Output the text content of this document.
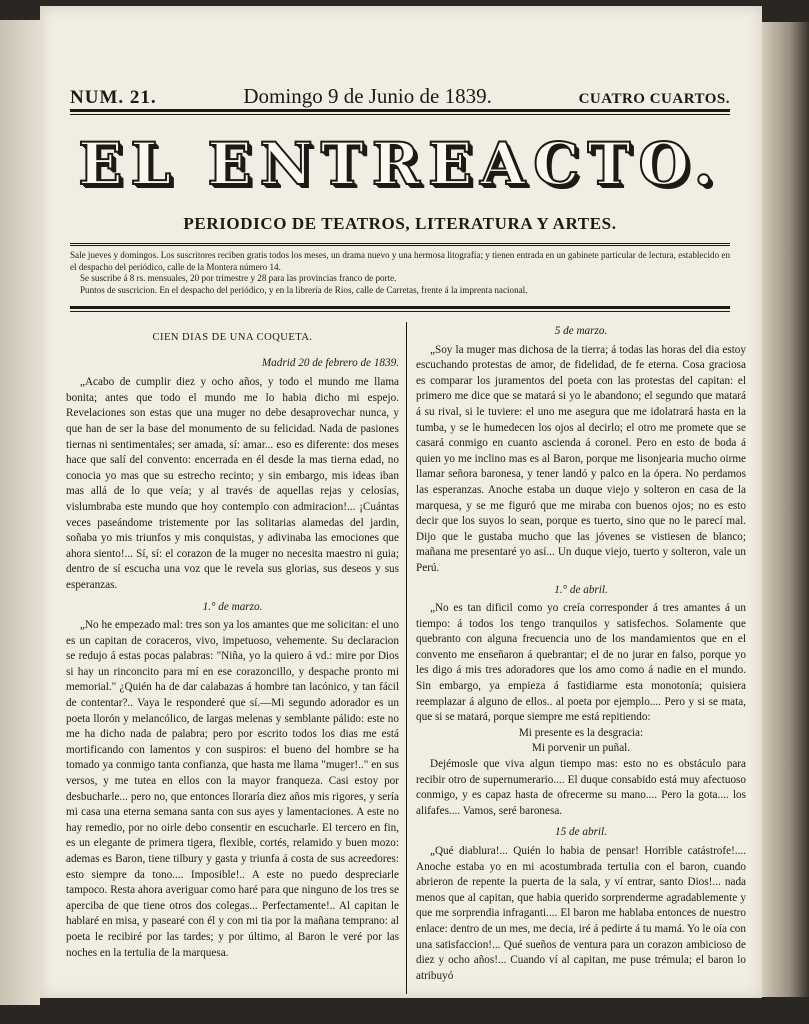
NUM. 21.	Domingo 9 de Junio de 1839.	CUATRO CUARTOS.
EL ENTREACTO.
PERIODICO DE TEATROS, LITERATURA Y ARTES.
Sale jueves y domingos. Los suscritores reciben gratis todos los meses, un drama nuevo y una hermosa litografía; y tienen entrada en un gabinete particular de lectura, establecido en el despacho del periódico, calle de la Montera número 14.
Se suscribe á 8 rs. mensuales, 20 por trimestre y 28 para las provincias franco de porte.
Puntos de suscricion. En el despacho del periódico, y en la librería de Rios, calle de Carretas, frente á la imprenta nacional.
CIEN DIAS DE UNA COQUETA.

Madrid 20 de febrero de 1839.

„Acabo de cumplir diez y ocho años, y todo el mundo me llama bonita; antes que todo el mundo me lo habia dicho mi espejo. Revelaciones son estas que una muger no debe desaprovechar nunca, y que han de ser la base del monumento de su felicidad. Nada de pasiones tiernas ni sentimentales; ser amada, sí: amar... eso es diferente: dos meses hace que salí del convento: encerrada en él desde la mas tierna edad, no conocia yo mas que su estrecho recinto; y sin embargo, mis ideas iban mas allá de lo que veía; y al través de aquellas rejas y celosías, vislumbraba este mundo que hoy contemplo con admiracion!... ¡Cuántas veces paseándome tristemente por las solitarias alamedas del jardin, soñaba yo mis triunfos y mis conquistas, y adivinaba las emociones que ahora siento!... Sí, sí: el corazon de la muger no necesita maestro ni guia; dentro de sí escucha una voz que le revela sus glorias, sus deseos y sus esperanzas.

1.° de marzo.

„No he empezado mal: tres son ya los amantes que me solicitan: el uno es un capitan de coraceros, vivo, impetuoso, vehemente. Su declaracion se redujo á estas pocas palabras: "Niña, yo la quiero á vd.: mire por Dios si hay un rinconcito para mí en ese corazoncillo, y despache pronto mi memorial." ¿Quién ha de dar calabazas á hombre tan lacónico, y tan fácil de contentar?.. Vaya le responderé que sí.—Mi segundo adorador es un poeta llorón y melancólico, de largas melenas y semblante pálido: este no me ha dicho nada de palabra; pero por escrito todos los dias me está mortificando con lamentos y con suspiros: el bueno del hombre se ha tomado ya conmigo tanta confianza, que hasta me llama "muger!.." en sus versos, y me tutea en ellos con la mayor franqueza. Casi estoy por desbucharle... pero no, que entonces lloraría diez años mis rigores, y sería mi casa una eterna semana santa con sus ayes y lamentaciones. A este no hay remedio, por no oirle debo consentir en escucharle. El tercero en fin, es un elegante de primera tigera, flexible, cortés, relamido y buen mozo: ademas es Baron, tiene tilbury y gasta y triunfa á costa de sus acreedores: esto siempre da tono.... Imposible!.. A este no puedo despreciarle tampoco. Resta ahora averiguar como haré para que ninguno de los tres se aperciba de que tiene otros dos colegas... Perfectamente!.. Al capitan le hablaré en misa, y pasearé con él y con mi tia por la mañana temprano: al poeta le recibiré por las tardes; y por último, al Baron le veré por las noches en la tertulia de la marquesa.

5 de marzo.

„Soy la muger mas dichosa de la tierra; á todas las horas del dia estoy escuchando protestas de amor, de fidelidad, de fe eterna. Cosa graciosa es comparar los juramentos del poeta con las protestas del capitan: el primero me dice que se matará si yo le abandono; el segundo que matará á su rival, si le tuviere: el uno me asegura que me idolatrará hasta en la tumba, y se le humedecen los ojos al decirlo; el otro me promete que se casará conmigo en cuanto ascienda á coronel. Pero en esto de boda á quien yo me inclino mas es al Baron, porque me lisonjearia mucho oirme llamar señora baronesa, y tener landó y palco en la ópera. No perdamos las esperanzas. Anoche estaba un duque viejo y solteron en casa de la marquesa, y se me figuró que me miraba con buenos ojos; no es esto decir que los suyos lo sean, porque es tuerto, sino que no le parecí mal. Dijo que le gustaba mucho que las jóvenes se vistiesen de blanco; mañana me presentaré yo así... Un duque viejo, tuerto y solteron, vale un Perú.

1.° de abril.

„No es tan dificil como yo creía corresponder á tres amantes á un tiempo: á todos los tengo tranquilos y satisfechos. Solamente que quebranto con alguna frecuencia uno de los mandamientos que en el convento me enseñaron á quebrantar; el de no jurar en falso, porque yo les digo á mis tres adoradores que los amo como á nadie en el mundo. Sin embargo, ya empieza á fastidiarme esta monotonía; quisiera reemplazar á alguno de ellos.. al poeta por ejemplo.... Pero y si se mata, que si se matará, porque siempre me está repitiendo:

Mi presente es la desgracia:

Mi porvenir un puñal.

Dejémosle que viva algun tiempo mas: esto no es obstáculo para recibir otro de supernumerario.... El duque consabido está muy afectuoso conmigo, y es capaz hasta de ofrecerme su mano.... Pero la gota.... los alifafes.... Vamos, seré baronesa.

15 de abril.

„Qué diablura!... Quién lo habia de pensar! Horrible catástrofe!.... Anoche estaba yo en mi acostumbrada tertulia con el baron, cuando abrieron de repente la puerta de la sala, y ví entrar, santo Dios!... nada menos que al capitan, que habia querido sorprenderme agradablemente y que me sorprendia infraganti.... El baron me hablaba entonces de nuestro enlace: dentro de un mes, me decia, iré á pedirte á tu mamá. Yo le oía con una satisfaccion!... Qué sueños de ventura para un corazon ambicioso de diez y ocho años!... Cuando ví al capitan, me puse trémula; el baron lo atribuyó
